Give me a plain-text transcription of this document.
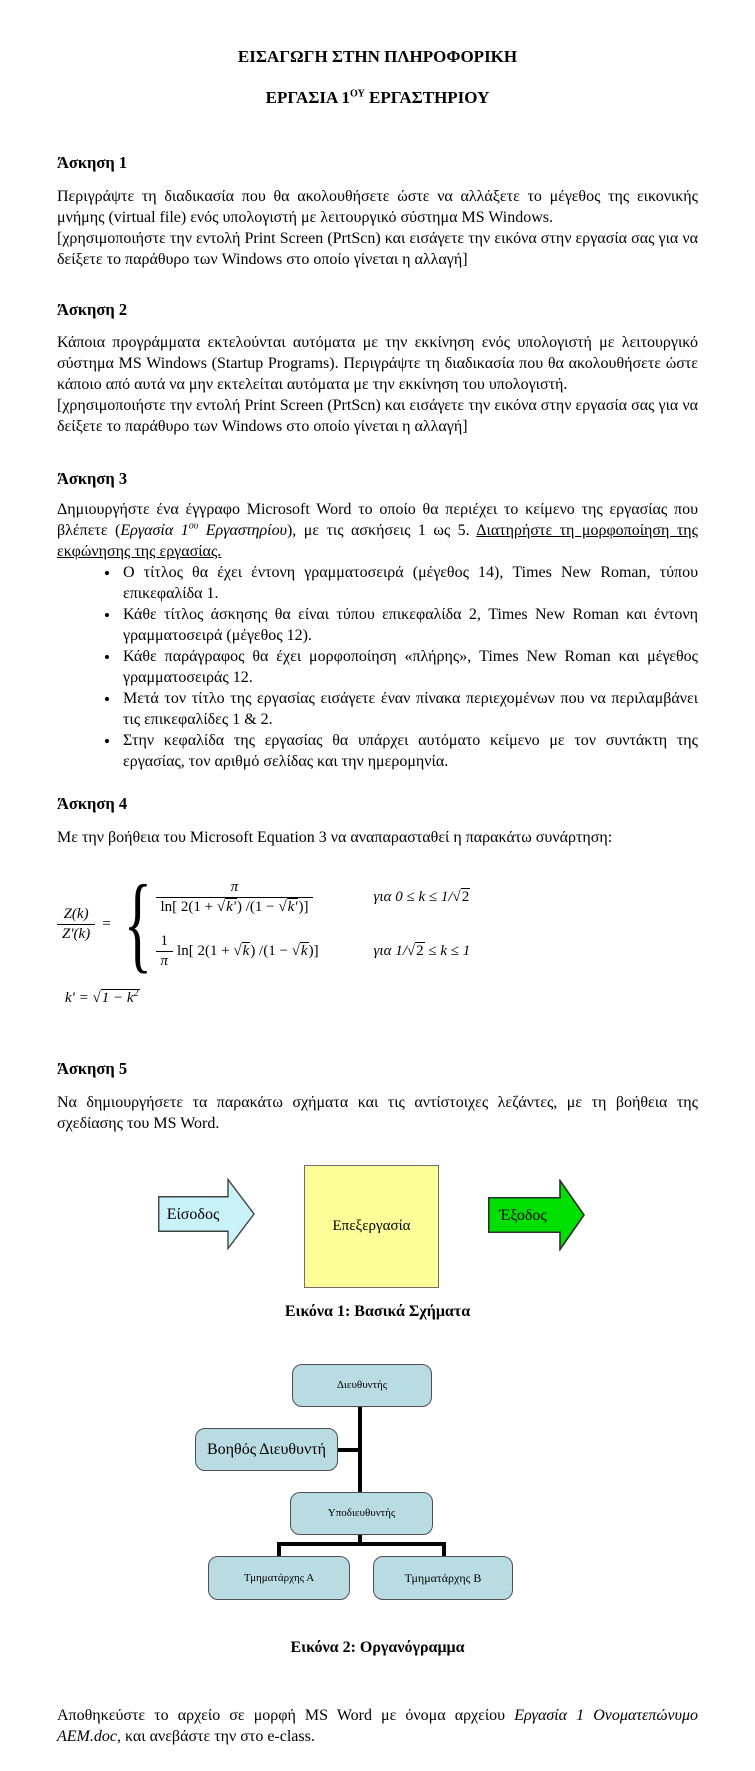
ΕΙΣΑΓΩΓΗ ΣΤΗΝ ΠΛΗΡΟΦΟΡΙΚΗ
ΕΡΓΑΣΙΑ $1^{O\Upsilon}$ ΕΡΓΑΣΤΗΡΙΟΥ
Άσκηση 1
Περιγράψτε τη διαδικασία που θα ακολουθήσετε ώστε να αλλάξετε το μέγεθος της εικονικής μνήμης (virtual file) ενός υπολογιστή με λειτουργικό σύστημα MS Windows.
[χρησιμοποιήστε την εντολή Print Screen (PrtScn) και εισάγετε την εικόνα στην εργασία σας για να δείξετε το παράθυρο των Windows στο οποίο γίνεται η αλλαγή]
Άσκηση 2
Κάποια προγράμματα εκτελούνται αυτόματα με την εκκίνηση ενός υπολογιστή με λειτουργικό σύστημα MS Windows (Startup Programs). Περιγράψτε τη διαδικασία που θα ακολουθήσετε ώστε κάποιο από αυτά να μην εκτελείται αυτόματα με την εκκίνηση του υπολογιστή.
[χρησιμοποιήστε την εντολή Print Screen (PrtScn) και εισάγετε την εικόνα στην εργασία σας για να δείξετε το παράθυρο των Windows στο οποίο γίνεται η αλλαγή]
Άσκηση 3
Δημιουργήστε ένα έγγραφο Microsoft Word το οποίο θα περιέχει το κείμενο της εργασίας που βλέπετε (Εργασία $1^{o\upsilon}$ Εργαστηρίου), με τις ασκήσεις 1 ως 5. Διατηρήστε τη μορφοποίηση της εκφώνησης της εργασίας.
• Ο τίτλος θα έχει έντονη γραμματοσειρά (μέγεθος 14), Times New Roman, τύπου επικεφαλίδα 1.
• Κάθε τίτλος άσκησης θα είναι τύπου επικεφαλίδα 2, Times New Roman και έντονη γραμματοσειρά (μέγεθος 12).
• Κάθε παράγραφος θα έχει μορφοποίηση «πλήρης», Times New Roman και μέγεθος γραμματοσειράς 12.
• Μετά τον τίτλο της εργασίας εισάγετε έναν πίνακα περιεχομένων που να περιλαμβάνει τις επικεφαλίδες 1 & 2.
• Στην κεφαλίδα της εργασίας θα υπάρχει αυτόματο κείμενο με τον συντάκτη της εργασίας, τον αριθμό σελίδας και την ημερομηνία.
Άσκηση 4
Με την βοήθεια του Microsoft Equation 3 να αναπαρασταθεί η παρακάτω συνάρτηση:
$\frac{Z(k)}{Z'(k)}$ = { $\frac{\pi}{\ln[ 2(1 + √ k') /(1 - √ k')]}$	για 0 ≤ k ≤ 1/ √ 2
$\frac{1}{\pi} \ln$[ 2(1 + √ k) /(1 − √ k)]	για 1/ √ 2 ≤ k ≤ 1
k' = √ $1 - k^2$
Άσκηση 5
Να δημιουργήσετε τα παρακάτω σχήματα και τις αντίστοιχες λεζάντες, με τη βοήθεια της σχεδίασης του MS Word.
Είσοδος
Επεξεργασία
Έξοδος
Εικόνα 1: Βασικά Σχήματα
Διευθυντής
Βοηθός Διευθυντή
Υποδιευθυντής
Τμηματάρχης Α	Τμηματάρχης Β
Εικόνα 2: Οργανόγραμμα
Αποθηκεύστε το αρχείο σε μορφή MS Word με όνομα αρχείου Εργασία 1 Ονοματεπώνυμο ΑΕΜ.doc, και ανεβάστε την στο e-class.
